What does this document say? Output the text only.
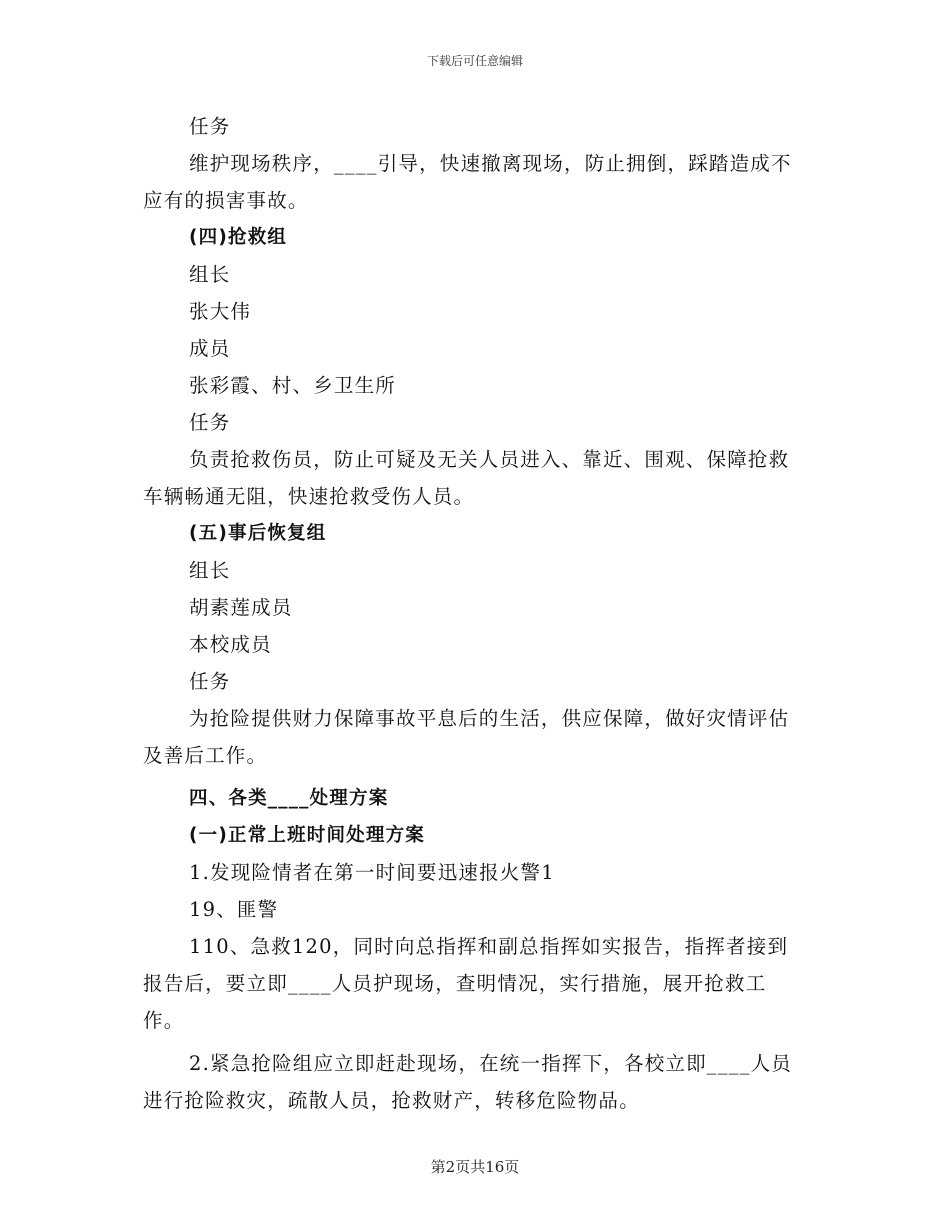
下载后可任意编辑

任务

维护现场秩序，____引导，快速撤离现场，防止拥倒，踩踏造成不应有的损害事故。

(四)抢救组

组长

张大伟

成员

张彩霞、村、乡卫生所

任务

负责抢救伤员，防止可疑及无关人员进入、靠近、围观、保障抢救车辆畅通无阻，快速抢救受伤人员。

(五)事后恢复组

组长

胡素莲成员

本校成员

任务

为抢险提供财力保障事故平息后的生活，供应保障，做好灾情评估及善后工作。

四、各类____处理方案

(一)正常上班时间处理方案

1.发现险情者在第一时间要迅速报火警1

19、匪警

110、急救120，同时向总指挥和副总指挥如实报告，指挥者接到报告后，要立即____人员护现场，查明情况，实行措施，展开抢救工作。

2.紧急抢险组应立即赶赴现场，在统一指挥下，各校立即____人员进行抢险救灾，疏散人员，抢救财产，转移危险物品。

第2页共16页
